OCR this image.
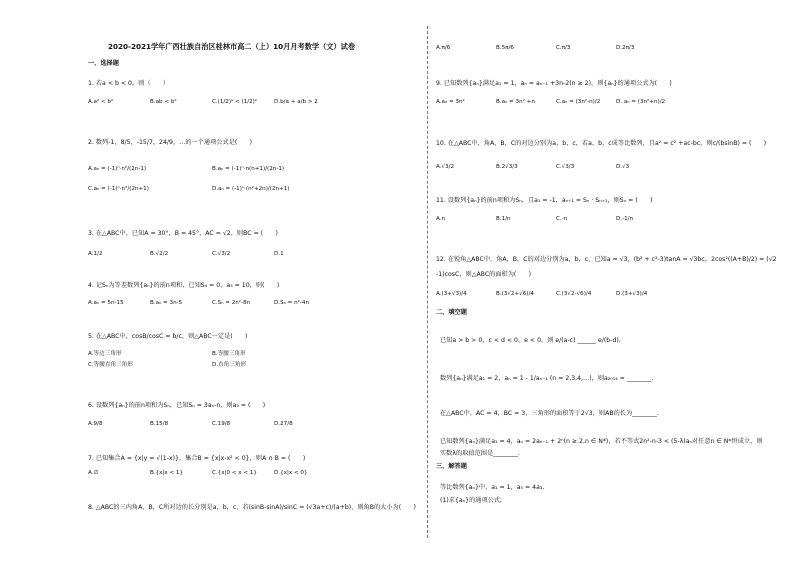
2020-2021学年广西壮族自治区桂林市高二（上）10月月考数学（文）试卷
一、选择题
1. 若a < b < 0，则（　　）
A.a² < b²	B.ab < b²	C.(1/2)ᵃ < (1/2)ᵇ	D.b/a + a/b > 2
2. 数列-1，8/5，-15/7，24/9，…的一个通项公式是(　　)
A.aₙ = (-1)ⁿ·n²/(2n-1)	B.aₙ = (-1)ⁿ·n(n+1)/(2n-1)
C.aₙ = (-1)ⁿ·n²/(2n+1)	D.aₙ = (-1)ⁿ·(n²+2n)/(2n+1)
3. 在△ABC中，已知A = 30°，B = 45°，AC = √2，则BC = (　　)
A.1/2	B.√2/2	C.√3/2	D.1
4. 记Sₙ为等差数列{aₙ}的前n项和，已知S₄ = 0，a₅ = 10，则(　　)
A.aₙ = 5n-15	B.aₙ = 3n-5	C.Sₙ = 2n²-8n	D.Sₙ = n²-4n
5. 在△ABC中，cosB/cosC = b/c，则△ABC一定是(　　)
A.等边三角形	B.等腰三角形
C.等腰直角三角形	D.直角三角形
6. 设数列{aₙ}的前n项和为Sₙ，已知Sₙ = 3aₙ-n，则a₃ = (　　)
A.9/8	B.15/8	C.19/8	D.27/8
7. 已知集合A = {x|y = √(1-x)}，集合B = {x|x-x² < 0}，则A ∩ B = (　　)
A.∅	B.{x|x < 1}	C.{x|0 < x < 1}	D.{x|x < 0}
8. △ABC的三内角A，B，C所对边的长分别是a，b，c，若(sinB-sinA)/sinC = (√3a+c)/(a+b)，则角B的大小为(　　)
A.π/6	B.5π/6	C.π/3	D.2π/3
9. 已知数列{aₙ}满足a₁ = 1，aₙ = aₙ₋₁ +3n-2(n ≥ 2)，则{aₙ}的通项公式为(　　)
A.aₙ = 3n²	B.aₙ = 3n² +n	C.aₙ = (3n²-n)/2	D. aₙ = (3n²+n)/2
10. 在△ABC中，角A，B，C的对边分别为a，b，c，若a，b，c成等比数列，且a² = c² +ac-bc，则c/(bsinB) = (　　)
A.√3/2	B.2√3/3	C.√3/3	D.√3
11. 设数列{aₙ}的前n项和为Sₙ，且a₁ = -1，aₙ₊₁ = Sₙ · Sₙ₊₁，则Sₙ = (　　)
A.n	B.1/n	C.-n	D.-1/n
12. 在锐角△ABC中，角A，B，C的对边分别为a，b，c，已知a = √3，(b² + c²-3)tanA = √3bc，2cos²((A+B)/2) = (√2
-1)cosC，则△ABC的面积为(　　)
A.(3+√3)/4	B.(3√2+√6)/4	C.(3√2-√6)/4	D.(3+√3)/4
二、填空题
已知a > b > 0，c < d < 0，e < 0，则 e/(a-c) ______ e/(b-d).
数列{aₙ}满足a₁ = 2，aₙ = 1 - 1/aₙ₋₁ (n = 2,3,4,…)，则a₂₀₁₄ = ________.
在△ABC中，AC = 4，BC = 3，三角形的面积等于2√3，则AB的长为________.
已知数列{aₙ}满足a₁ = 4，aₙ = 2aₙ₋₁ + 2ⁿ(n ≥ 2,n ∈ N*)，若不等式2n²-n-3 < (5-λ)aₙ对任意n ∈ N*恒成立，则
实数λ的取值范围是________.
三、解答题
等比数列{aₙ}中，a₁ = 1，a₅ = 4a₃.
(1)求{aₙ}的通项公式;
